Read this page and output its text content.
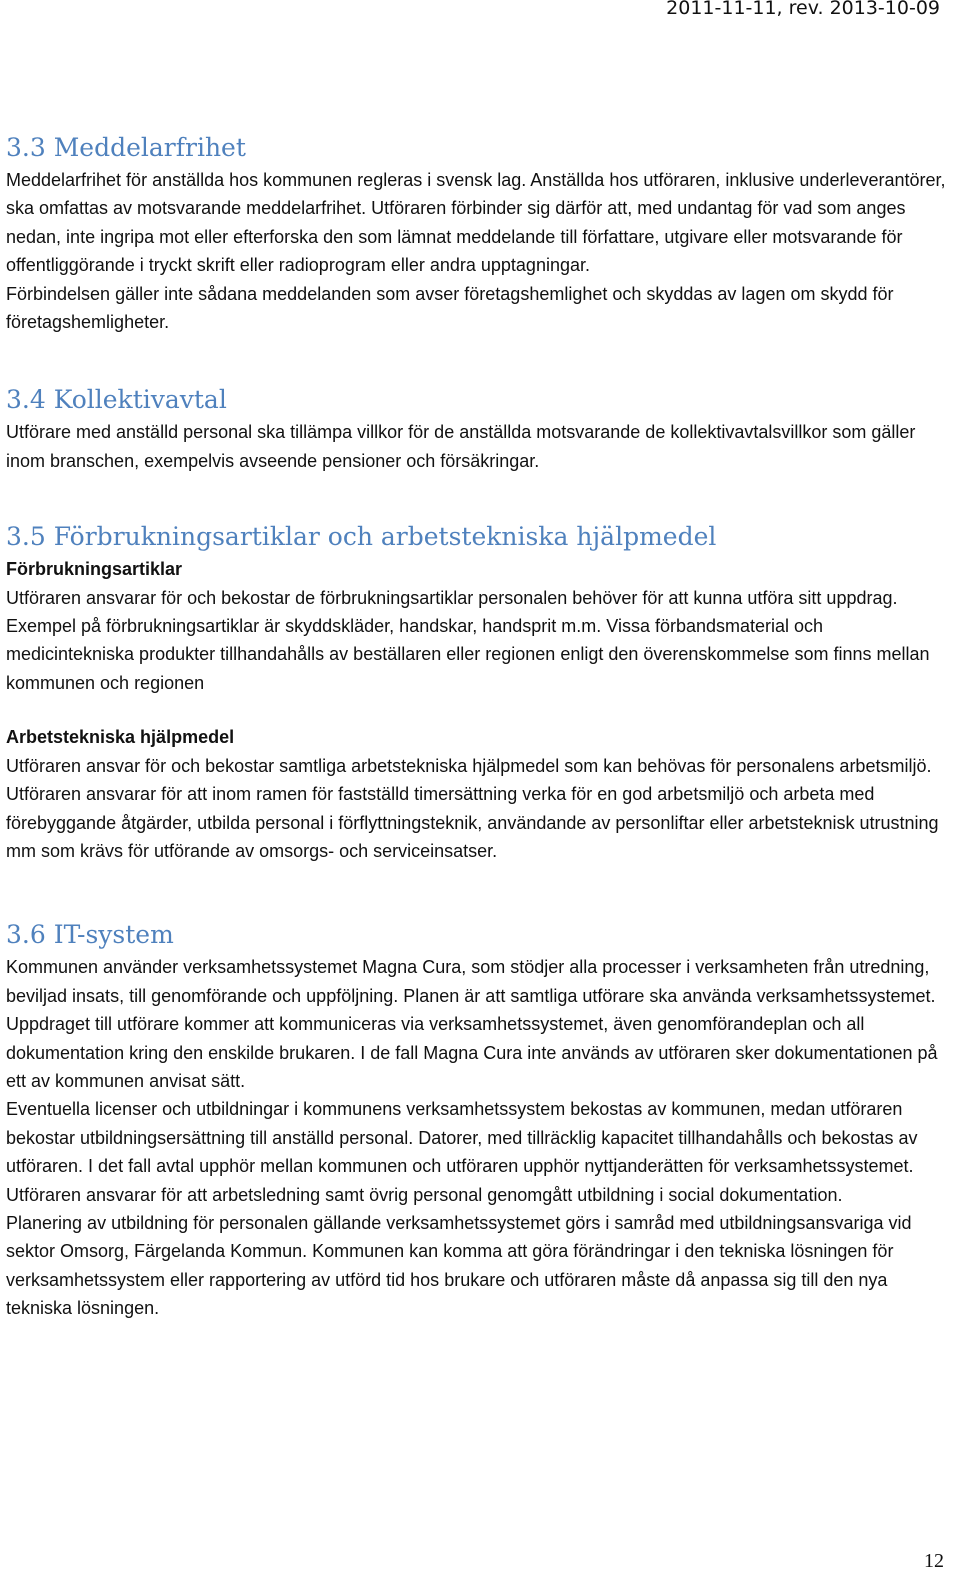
2011-11-11, rev. 2013-10-09
3.3 Meddelarfrihet

Meddelarfrihet för anställda hos kommunen regleras i svensk lag. Anställda hos utföraren, inklusive underleverantörer, ska omfattas av motsvarande meddelarfrihet. Utföraren förbinder sig därför att, med undantag för vad som anges nedan, inte ingripa mot eller efterforska den som lämnat meddelande till författare, utgivare eller motsvarande för offentliggörande i tryckt skrift eller radioprogram eller andra upptagningar.

Förbindelsen gäller inte sådana meddelanden som avser företagshemlighet och skyddas av lagen om skydd för företagshemligheter.

3.4 Kollektivavtal

Utförare med anställd personal ska tillämpa villkor för de anställda motsvarande de kollektivavtalsvillkor som gäller inom branschen, exempelvis avseende pensioner och försäkringar.

3.5 Förbrukningsartiklar och arbetstekniska hjälpmedel

Förbrukningsartiklar

Utföraren ansvarar för och bekostar de förbrukningsartiklar personalen behöver för att kunna utföra sitt uppdrag. Exempel på förbrukningsartiklar är skyddskläder, handskar, handsprit m.m. Vissa förbandsmaterial och medicintekniska produkter tillhandahålls av beställaren eller regionen enligt den överenskommelse som finns mellan kommunen och regionen

Arbetstekniska hjälpmedel

Utföraren ansvar för och bekostar samtliga arbetstekniska hjälpmedel som kan behövas för personalens arbetsmiljö. Utföraren ansvarar för att inom ramen för fastställd timersättning verka för en god arbetsmiljö och arbeta med förebyggande åtgärder, utbilda personal i förflyttningsteknik, användande av personliftar eller arbetsteknisk utrustning mm som krävs för utförande av omsorgs- och serviceinsatser.

3.6 IT-system

Kommunen använder verksamhetssystemet Magna Cura, som stödjer alla processer i verksamheten från utredning, beviljad insats, till genomförande och uppföljning. Planen är att samtliga utförare ska använda verksamhetssystemet. Uppdraget till utförare kommer att kommuniceras via verksamhetssystemet, även genomförandeplan och all dokumentation kring den enskilde brukaren. I de fall Magna Cura inte används av utföraren sker dokumentationen på ett av kommunen anvisat sätt.

Eventuella licenser och utbildningar i kommunens verksamhetssystem bekostas av kommunen, medan utföraren bekostar utbildningsersättning till anställd personal. Datorer, med tillräcklig kapacitet tillhandahålls och bekostas av utföraren. I det fall avtal upphör mellan kommunen och utföraren upphör nyttjanderätten för verksamhetssystemet.

Utföraren ansvarar för att arbetsledning samt övrig personal genomgått utbildning i social dokumentation.

Planering av utbildning för personalen gällande verksamhetssystemet görs i samråd med utbildningsansvariga vid sektor Omsorg, Färgelanda Kommun. Kommunen kan komma att göra förändringar i den tekniska lösningen för verksamhetssystem eller rapportering av utförd tid hos brukare och utföraren måste då anpassa sig till den nya tekniska lösningen.

12
